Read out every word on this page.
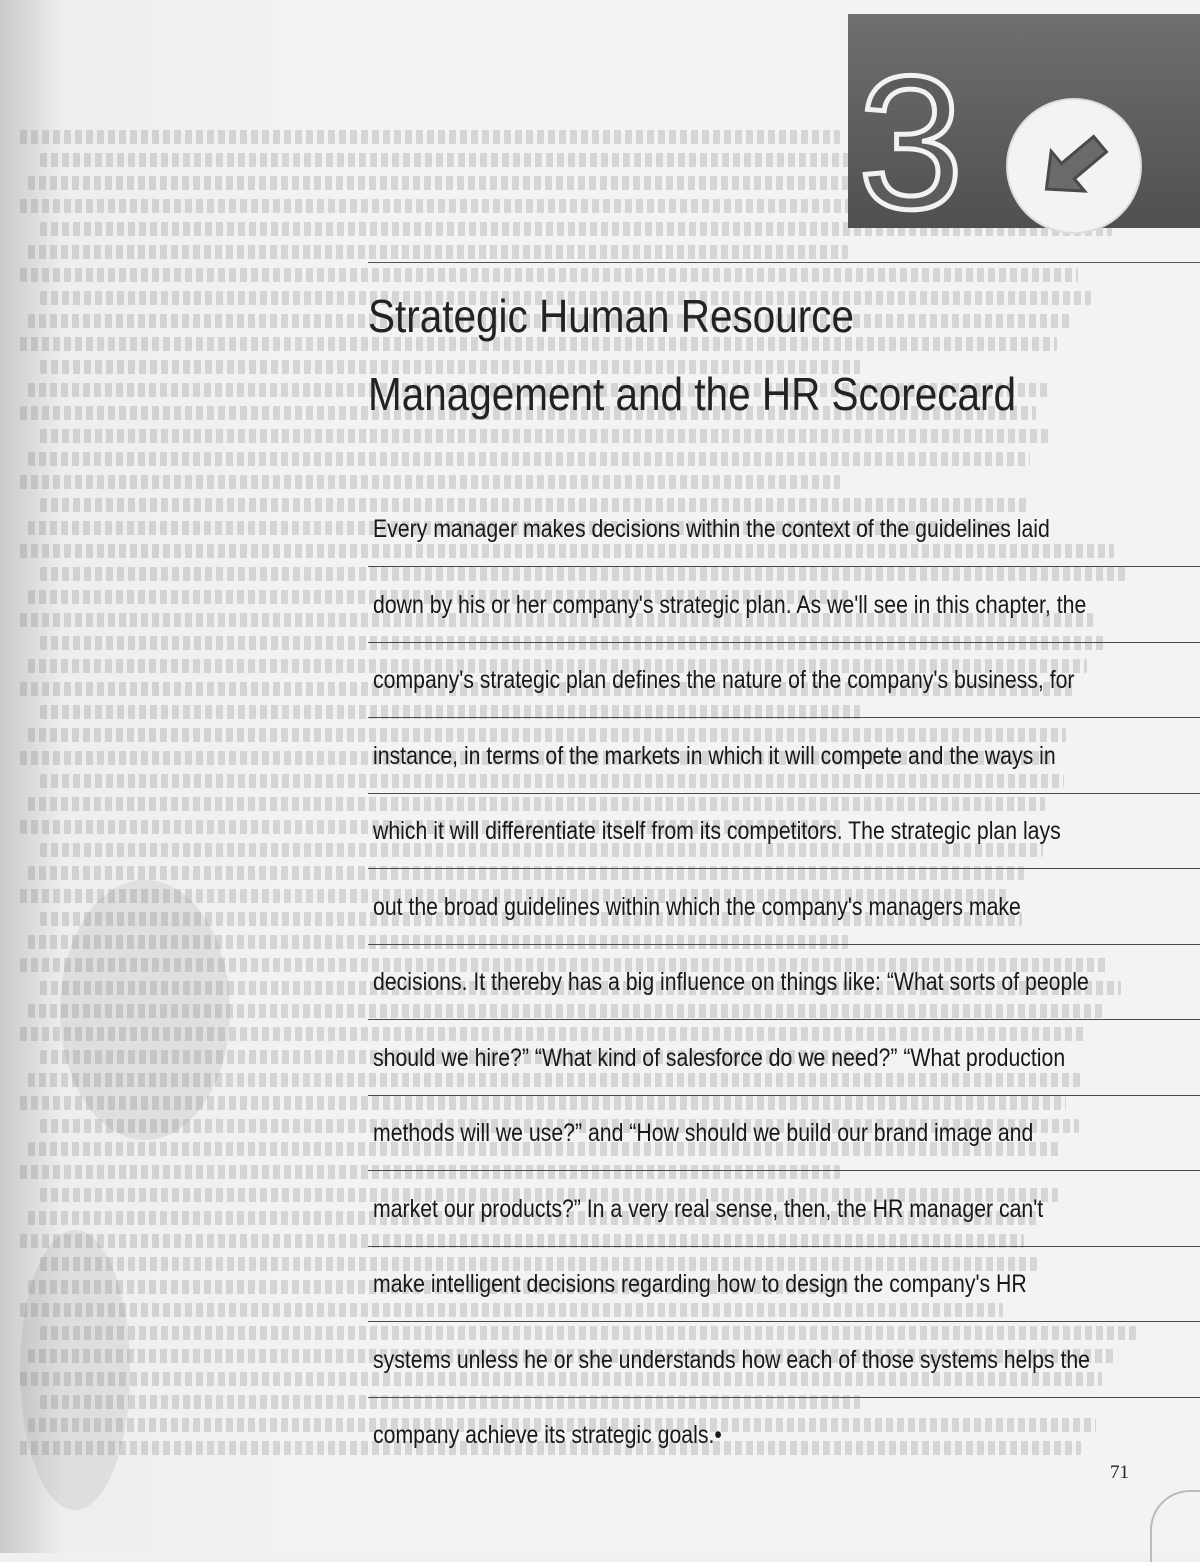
3
Strategic Human Resource
Management and the HR Scorecard
Every manager makes decisions within the context of the guidelines laid
down by his or her company's strategic plan. As we'll see in this chapter, the
company's strategic plan defines the nature of the company's business, for
instance, in terms of the markets in which it will compete and the ways in
which it will differentiate itself from its competitors. The strategic plan lays
out the broad guidelines within which the company's managers make
decisions. It thereby has a big influence on things like: “What sorts of people
should we hire?” “What kind of salesforce do we need?” “What production
methods will we use?” and “How should we build our brand image and
market our products?” In a very real sense, then, the HR manager can't
make intelligent decisions regarding how to design the company's HR
systems unless he or she understands how each of those systems helps the
company achieve its strategic goals.•
71
